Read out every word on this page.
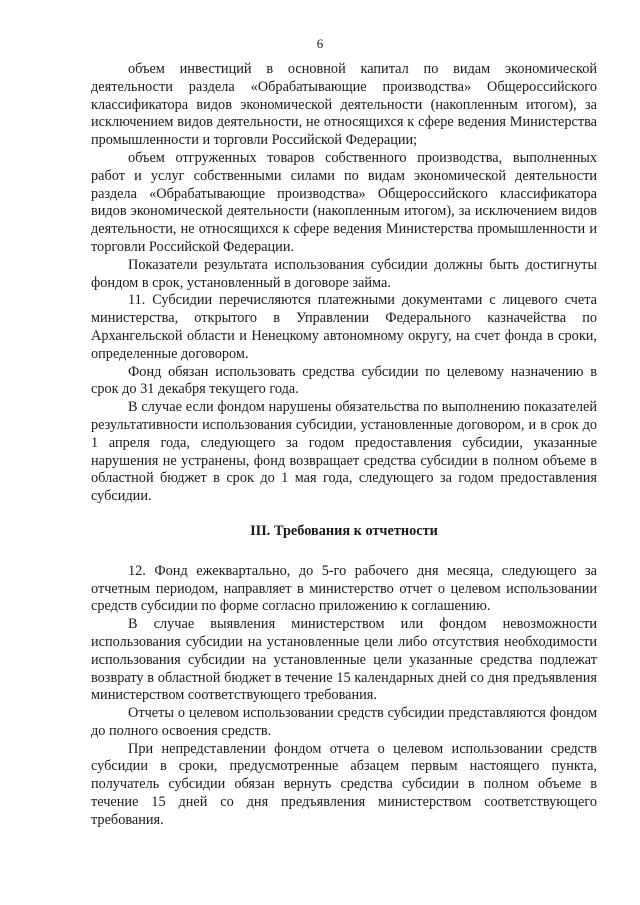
6

объем инвестиций в основной капитал по видам экономической деятельности раздела «Обрабатывающие производства» Общероссийского классификатора видов экономической деятельности (накопленным итогом), за исключением видов деятельности, не относящихся к сфере ведения Министерства промышленности и торговли Российской Федерации;

объем отгруженных товаров собственного производства, выполненных работ и услуг собственными силами по видам экономической деятельности раздела «Обрабатывающие производства» Общероссийского классификатора видов экономической деятельности (накопленным итогом), за исключением видов деятельности, не относящихся к сфере ведения Министерства промышленности и торговли Российской Федерации.

Показатели результата использования субсидии должны быть достигнуты фондом в срок, установленный в договоре займа.

11. Субсидии перечисляются платежными документами с лицевого счета министерства, открытого в Управлении Федерального казначейства по Архангельской области и Ненецкому автономному округу, на счет фонда в сроки, определенные договором.

Фонд обязан использовать средства субсидии по целевому назначению в срок до 31 декабря текущего года.

В случае если фондом нарушены обязательства по выполнению показателей результативности использования субсидии, установленные договором, и в срок до 1 апреля года, следующего за годом предоставления субсидии, указанные нарушения не устранены, фонд возвращает средства субсидии в полном объеме в областной бюджет в срок до 1 мая года, следующего за годом предоставления субсидии.

III. Требования к отчетности

12. Фонд ежеквартально, до 5-го рабочего дня месяца, следующего за отчетным периодом, направляет в министерство отчет о целевом использовании средств субсидии по форме согласно приложению к соглашению.

В случае выявления министерством или фондом невозможности использования субсидии на установленные цели либо отсутствия необходимости использования субсидии на установленные цели указанные средства подлежат возврату в областной бюджет в течение 15 календарных дней со дня предъявления министерством соответствующего требования.

Отчеты о целевом использовании средств субсидии представляются фондом до полного освоения средств.

При непредставлении фондом отчета о целевом использовании средств субсидии в сроки, предусмотренные абзацем первым настоящего пункта, получатель субсидии обязан вернуть средства субсидии в полном объеме в течение 15 дней со дня предъявления министерством соответствующего требования.
